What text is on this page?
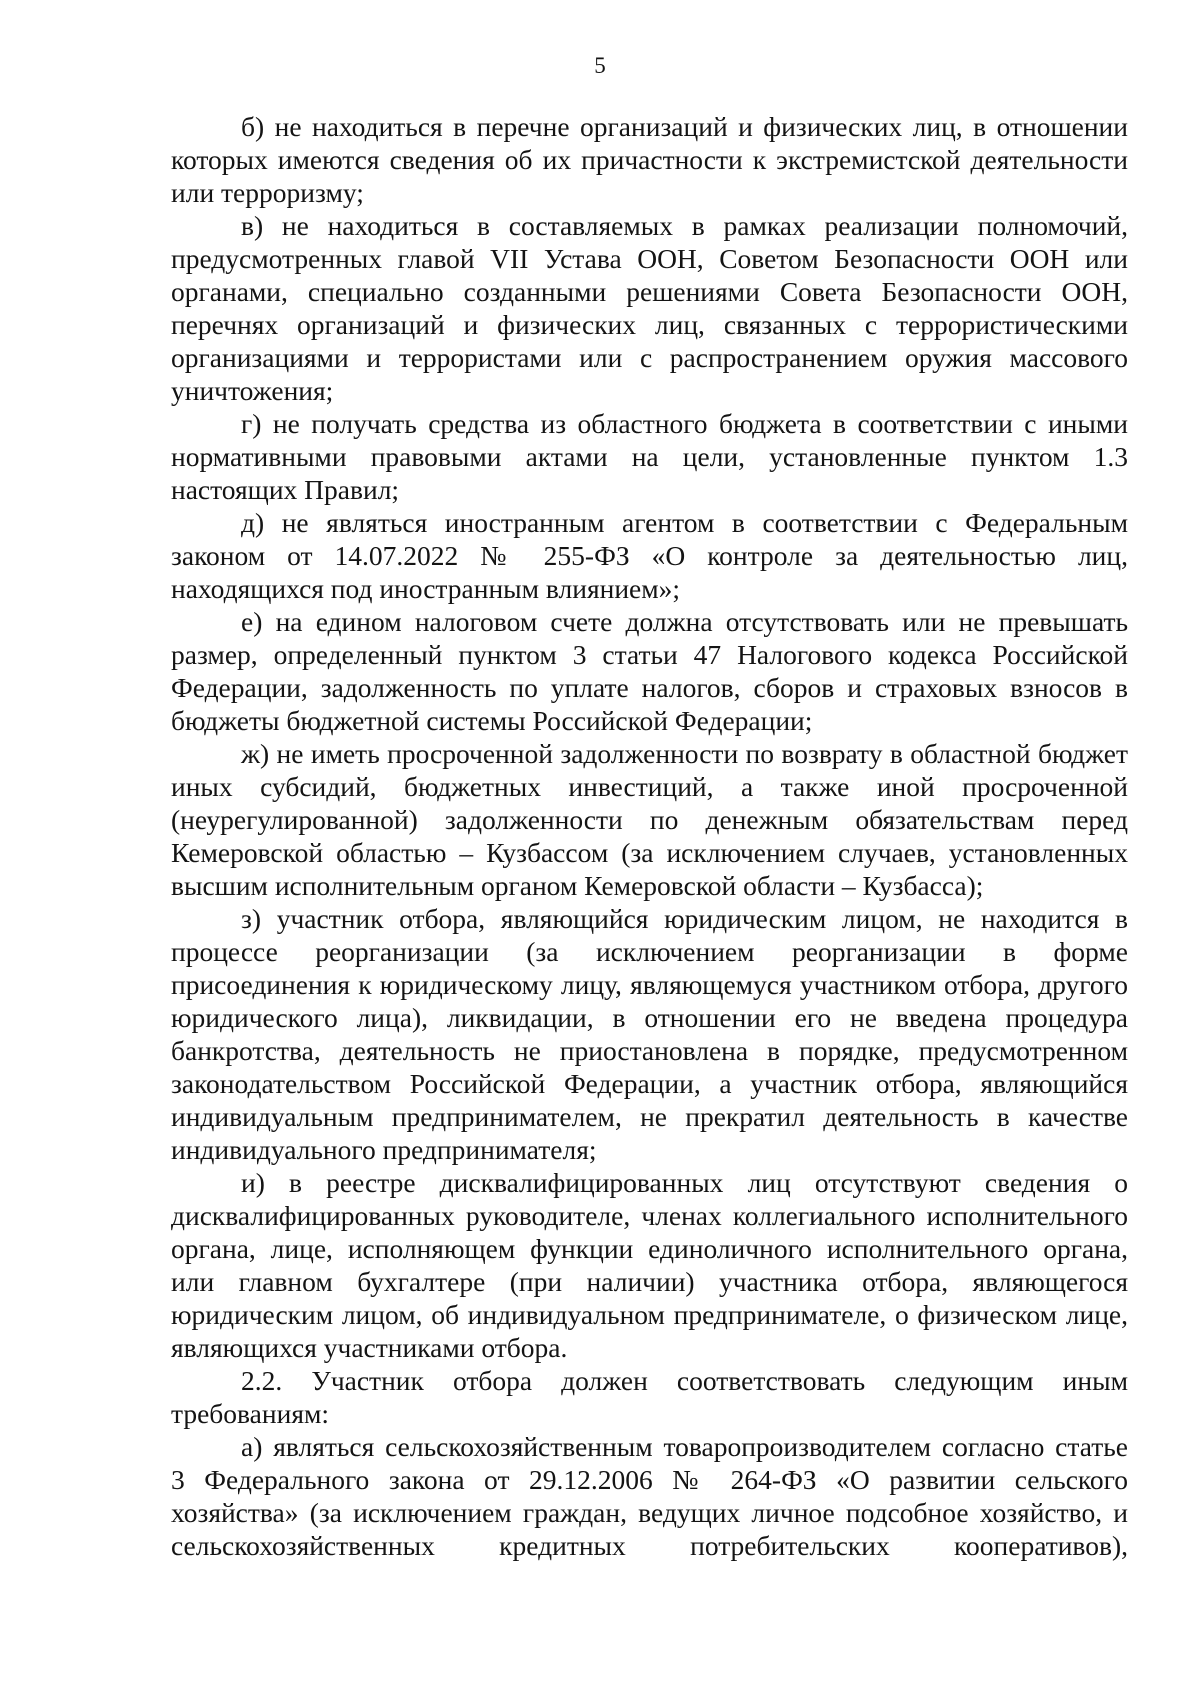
5

б) не находиться в перечне организаций и физических лиц, в отношении которых имеются сведения об их причастности к экстремистской деятельности или терроризму;

в) не находиться в составляемых в рамках реализации полномочий, предусмотренных главой VII Устава ООН, Советом Безопасности ООН или органами, специально созданными решениями Совета Безопасности ООН, перечнях организаций и физических лиц, связанных с террористическими организациями и террористами или с распространением оружия массового уничтожения;

г) не получать средства из областного бюджета в соответствии с иными нормативными правовыми актами на цели, установленные пунктом 1.3 настоящих Правил;

д) не являться иностранным агентом в соответствии с Федеральным законом от 14.07.2022 № 255-ФЗ «О контроле за деятельностью лиц, находящихся под иностранным влиянием»;

е) на едином налоговом счете должна отсутствовать или не превышать размер, определенный пунктом 3 статьи 47 Налогового кодекса Российской Федерации, задолженность по уплате налогов, сборов и страховых взносов в бюджеты бюджетной системы Российской Федерации;

ж) не иметь просроченной задолженности по возврату в областной бюджет иных субсидий, бюджетных инвестиций, а также иной просроченной (неурегулированной) задолженности по денежным обязательствам перед Кемеровской областью – Кузбассом (за исключением случаев, установленных высшим исполнительным органом Кемеровской области – Кузбасса);

з) участник отбора, являющийся юридическим лицом, не находится в процессе реорганизации (за исключением реорганизации в форме присоединения к юридическому лицу, являющемуся участником отбора, другого юридического лица), ликвидации, в отношении его не введена процедура банкротства, деятельность не приостановлена в порядке, предусмотренном законодательством Российской Федерации, а участник отбора, являющийся индивидуальным предпринимателем, не прекратил деятельность в качестве индивидуального предпринимателя;

и) в реестре дисквалифицированных лиц отсутствуют сведения о дисквалифицированных руководителе, членах коллегиального исполнительного органа, лице, исполняющем функции единоличного исполнительного органа, или главном бухгалтере (при наличии) участника отбора, являющегося юридическим лицом, об индивидуальном предпринимателе, о физическом лице, являющихся участниками отбора.

2.2. Участник отбора должен соответствовать следующим иным требованиям:

а) являться сельскохозяйственным товаропроизводителем согласно статье 3 Федерального закона от 29.12.2006 № 264-ФЗ «О развитии сельского хозяйства» (за исключением граждан, ведущих личное подсобное хозяйство, и сельскохозяйственных кредитных потребительских кооперативов),
